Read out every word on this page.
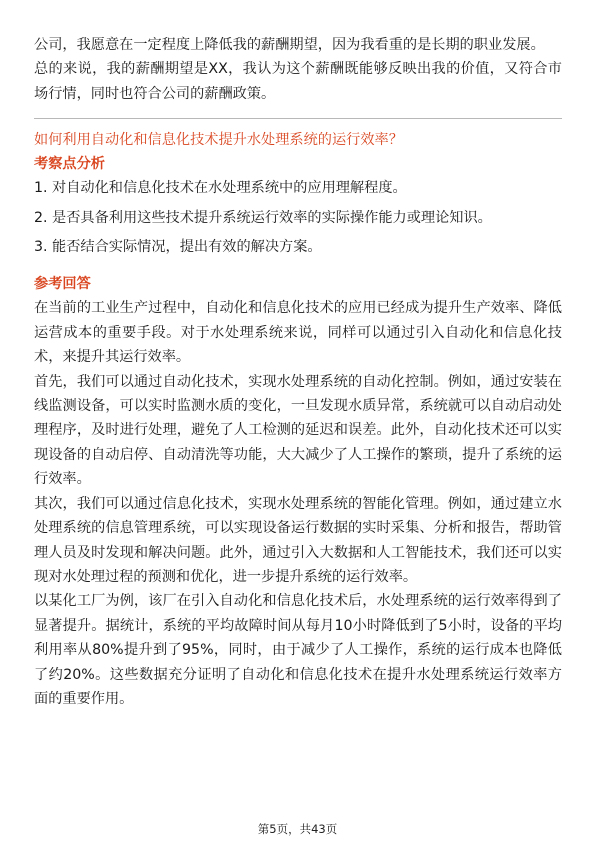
公司，我愿意在一定程度上降低我的薪酬期望，因为我看重的是长期的职业发展。

总的来说，我的薪酬期望是XX，我认为这个薪酬既能够反映出我的价值，又符合市场行情，同时也符合公司的薪酬政策。

如何利用自动化和信息化技术提升水处理系统的运行效率？

考察点分析

1. 对自动化和信息化技术在水处理系统中的应用理解程度。

2. 是否具备利用这些技术提升系统运行效率的实际操作能力或理论知识。

3. 能否结合实际情况，提出有效的解决方案。

参考回答

在当前的工业生产过程中，自动化和信息化技术的应用已经成为提升生产效率、降低运营成本的重要手段。对于水处理系统来说，同样可以通过引入自动化和信息化技术，来提升其运行效率。

首先，我们可以通过自动化技术，实现水处理系统的自动化控制。例如，通过安装在线监测设备，可以实时监测水质的变化，一旦发现水质异常，系统就可以自动启动处理程序，及时进行处理，避免了人工检测的延迟和误差。此外，自动化技术还可以实现设备的自动启停、自动清洗等功能，大大减少了人工操作的繁琐，提升了系统的运行效率。

其次，我们可以通过信息化技术，实现水处理系统的智能化管理。例如，通过建立水处理系统的信息管理系统，可以实现设备运行数据的实时采集、分析和报告，帮助管理人员及时发现和解决问题。此外，通过引入大数据和人工智能技术，我们还可以实现对水处理过程的预测和优化，进一步提升系统的运行效率。

以某化工厂为例，该厂在引入自动化和信息化技术后，水处理系统的运行效率得到了显著提升。据统计，系统的平均故障时间从每月10小时降低到了5小时，设备的平均利用率从80%提升到了95%，同时，由于减少了人工操作，系统的运行成本也降低了约20%。这些数据充分证明了自动化和信息化技术在提升水处理系统运行效率方面的重要作用。

第5页，共43页
